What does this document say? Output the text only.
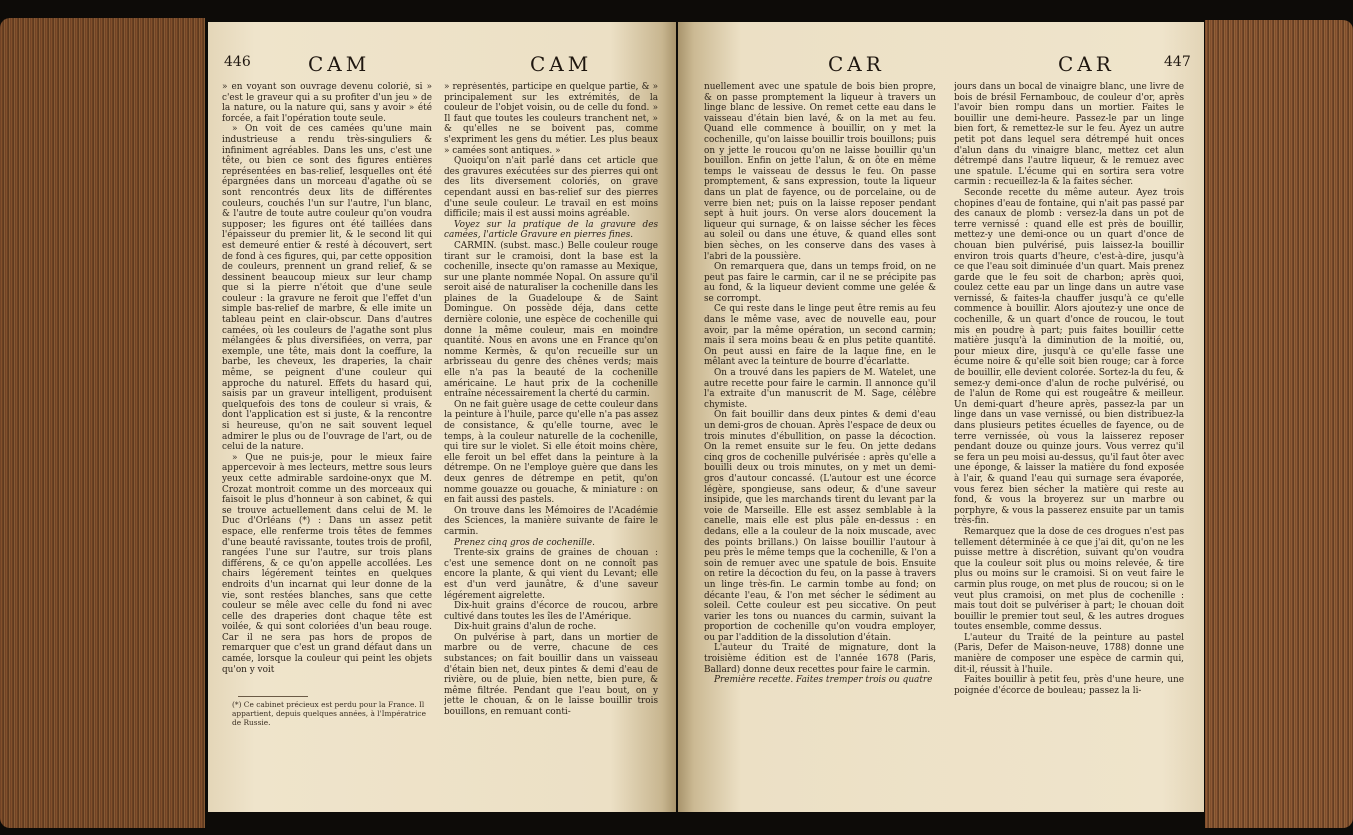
446	CAM	CAM

» en voyant son ouvrage devenu colorié, si » c'est le graveur qui a su profiter d'un jeu » de la nature, ou la nature qui, sans y avoir » été forcée, a fait l'opération toute seule.

» On voit de ces camées qu'une main industrieuse a rendu très-singuliers & infiniment agréables. Dans les uns, c'est une tête, ou bien ce sont des figures entières représentées en bas-relief, lesquelles ont été épargnées dans un morceau d'agathe où se sont rencontrés deux lits de différentes couleurs, couchés l'un sur l'autre, l'un blanc, & l'autre de toute autre couleur qu'on voudra supposer; les figures ont été taillées dans l'épaisseur du premier lit, & le second lit qui est demeuré entier & resté à découvert, sert de fond à ces figures, qui, par cette opposition de couleurs, prennent un grand relief, & se dessinent beaucoup mieux sur leur champ que si la pierre n'étoit que d'une seule couleur : la gravure ne feroit que l'effet d'un simple bas-relief de marbre, & elle imite un tableau peint en clair-obscur. Dans d'autres camées, où les couleurs de l'agathe sont plus mélangées & plus diversifiées, on verra, par exemple, une tête, mais dont la coeffure, la barbe, les cheveux, les draperies, la chair même, se peignent d'une couleur qui approche du naturel. Effets du hasard qui, saisis par un graveur intelligent, produisent quelquefois des tons de couleur si vrais, & dont l'application est si juste, & la rencontre si heureuse, qu'on ne sait souvent lequel admirer le plus ou de l'ouvrage de l'art, ou de celui de la nature.

» Que ne puis-je, pour le mieux faire appercevoir à mes lecteurs, mettre sous leurs yeux cette admirable sardoine-onyx que M. Crozat montroit comme un des morceaux qui faisoit le plus d'honneur à son cabinet, & qui se trouve actuellement dans celui de M. le Duc d'Orléans (*) : Dans un assez petit espace, elle renferme trois têtes de femmes d'une beauté ravissante, toutes trois de profil, rangées l'une sur l'autre, sur trois plans différens, & ce qu'on appelle accollées. Les chairs légérement teintes en quelques endroits d'un incarnat qui leur donne de la vie, sont restées blanches, sans que cette couleur se mêle avec celle du fond ni avec celle des draperies dont chaque tête est voilée, & qui sont coloriées d'un beau rouge. Car il ne sera pas hors de propos de remarquer que c'est un grand défaut dans un camée, lorsque la couleur qui peint les objets qu'on y voit

(*) Ce cabinet précieux est perdu pour la France. Il appartient, depuis quelques années, à l'Impératrice de Russie.

» représentés, participe en quelque partie, & » principalement sur les extrémités, de la couleur de l'objet voisin, ou de celle du fond. » Il faut que toutes les couleurs tranchent net, » & qu'elles ne se boivent pas, comme s'expriment les gens du métier. Les plus beaux » camées sont antiques. »

Quoiqu'on n'ait parlé dans cet article que des gravures exécutées sur des pierres qui ont des lits diversement coloriés, on grave cependant aussi en bas-relief sur des pierres d'une seule couleur. Le travail en est moins difficile; mais il est aussi moins agréable.

Voyez sur la pratique de la gravure des camées, l'article Gravure en pierres fines.

CARMIN. (subst. masc.) Belle couleur rouge tirant sur le cramoisi, dont la base est la cochenille, insecte qu'on ramasse au Mexique, sur une plante nommée Nopal. On assure qu'il seroit aisé de naturaliser la cochenille dans les plaines de la Guadeloupe & de Saint Domingue. On possède déja, dans cette dernière colonie, une espèce de cochenille qui donne la même couleur, mais en moindre quantité. Nous en avons une en France qu'on nomme Kermès, & qu'on recueille sur un arbrisseau du genre des chênes verds; mais elle n'a pas la beauté de la cochenille américaine. Le haut prix de la cochenille entraîne nécessairement la cherté du carmin.

On ne fait guère usage de cette couleur dans la peinture à l'huile, parce qu'elle n'a pas assez de consistance, & qu'elle tourne, avec le temps, à la couleur naturelle de la cochenille, qui tire sur le violet. Si elle étoit moins chère, elle feroit un bel effet dans la peinture à la détrempe. On ne l'employe guère que dans les deux genres de détrempe en petit, qu'on nomme gouazze ou gouache, & miniature : on en fait aussi des pastels.

On trouve dans les Mémoires de l'Académie des Sciences, la manière suivante de faire le carmin.

Prenez cinq gros de cochenille.

Trente-six grains de graines de chouan : c'est une semence dont on ne connoît pas encore la plante, & qui vient du Levant; elle est d'un verd jaunâtre, & d'une saveur légérement aigrelette.

Dix-huit grains d'écorce de roucou, arbre cultivé dans toutes les îles de l'Amérique.

Dix-huit grains d'alun de roche.

On pulvérise à part, dans un mortier de marbre ou de verre, chacune de ces substances; on fait bouillir dans un vaisseau d'étain bien net, deux pintes & demi d'eau de rivière, ou de pluie, bien nette, bien pure, & même filtrée. Pendant que l'eau bout, on y jette le chouan, & on le laisse bouillir trois bouillons, en remuant conti-

CAR	CAR	447

nuellement avec une spatule de bois bien propre, & on passe promptement la liqueur à travers un linge blanc de lessive. On remet cette eau dans le vaisseau d'étain bien lavé, & on la met au feu. Quand elle commence à bouillir, on y met la cochenille, qu'on laisse bouillir trois bouillons; puis on y jette le roucou qu'on ne laisse bouillir qu'un bouillon. Enfin on jette l'alun, & on ôte en même temps le vaisseau de dessus le feu. On passe promptement, & sans expression, toute la liqueur dans un plat de fayence, ou de porcelaine, ou de verre bien net; puis on la laisse reposer pendant sept à huit jours. On verse alors doucement la liqueur qui surnage, & on laisse sécher les fèces au soleil ou dans une étuve, & quand elles sont bien sèches, on les conserve dans des vases à l'abri de la poussière.

On remarquera que, dans un temps froid, on ne peut pas faire le carmin, car il ne se précipite pas au fond, & la liqueur devient comme une gelée & se corrompt.

Ce qui reste dans le linge peut être remis au feu dans le même vase, avec de nouvelle eau, pour avoir, par la même opération, un second carmin; mais il sera moins beau & en plus petite quantité. On peut aussi en faire de la laque fine, en le mêlant avec la teinture de bourre d'écarlatte.

On a trouvé dans les papiers de M. Watelet, une autre recette pour faire le carmin. Il annonce qu'il l'a extraite d'un manuscrit de M. Sage, célèbre chymiste.

On fait bouillir dans deux pintes & demi d'eau un demi-gros de chouan. Après l'espace de deux ou trois minutes d'ébullition, on passe la décoction. On la remet ensuite sur le feu. On jette dedans cinq gros de cochenille pulvérisée : après qu'elle a bouilli deux ou trois minutes, on y met un demi-gros d'autour concassé. (L'autour est une écorce légère, spongieuse, sans odeur, & d'une saveur insipide, que les marchands tirent du levant par la voie de Marseille. Elle est assez semblable à la canelle, mais elle est plus pâle en-dessus : en dedans, elle a la couleur de la noix muscade, avec des points brillans.) On laisse bouillir l'autour à peu près le même temps que la cochenille, & l'on a soin de remuer avec une spatule de bois. Ensuite on retire la décoction du feu, on la passe à travers un linge très-fin. Le carmin tombe au fond; on décante l'eau, & l'on met sécher le sédiment au soleil. Cette couleur est peu siccative. On peut varier les tons ou nuances du carmin, suivant la proportion de cochenille qu'on voudra employer, ou par l'addition de la dissolution d'étain.

L'auteur du Traité de mignature, dont la troisième édition est de l'année 1678 (Paris, Ballard) donne deux recettes pour faire le carmin.

Première recette. Faites tremper trois ou quatre

jours dans un bocal de vinaigre blanc, une livre de bois de brésil Fernambouc, de couleur d'or, après l'avoir bien rompu dans un mortier. Faites le bouillir une demi-heure. Passez-le par un linge bien fort, & remettez-le sur le feu. Ayez un autre petit pot dans lequel sera détrempé huit onces d'alun dans du vinaigre blanc, mettez cet alun détrempé dans l'autre liqueur, & le remuez avec une spatule. L'écume qui en sortira sera votre carmin : recueillez-la & la faites sécher.

Seconde recette du même auteur. Ayez trois chopines d'eau de fontaine, qui n'ait pas passé par des canaux de plomb : versez-la dans un pot de terre vernissé : quand elle est près de bouillir, mettez-y une demi-once ou un quart d'once de chouan bien pulvérisé, puis laissez-la bouillir environ trois quarts d'heure, c'est-à-dire, jusqu'à ce que l'eau soit diminuée d'un quart. Mais prenez garde que le feu soit de charbon; après quoi, coulez cette eau par un linge dans un autre vase vernissé, & faites-la chauffer jusqu'à ce qu'elle commence à bouillir. Alors ajoutez-y une once de cochenille, & un quart d'once de roucou, le tout mis en poudre à part; puis faites bouillir cette matière jusqu'à la diminution de la moitié, ou, pour mieux dire, jusqu'à ce qu'elle fasse une écume noire & qu'elle soit bien rouge; car à force de bouillir, elle devient colorée. Sortez-la du feu, & semez-y demi-once d'alun de roche pulvérisé, ou de l'alun de Rome qui est rougeâtre & meilleur. Un demi-quart d'heure après, passez-la par un linge dans un vase vernissé, ou bien distribuez-la dans plusieurs petites écuelles de fayence, ou de terre vernissée, où vous la laisserez reposer pendant douze ou quinze jours. Vous verrez qu'il se fera un peu moisi au-dessus, qu'il faut ôter avec une éponge, & laisser la matière du fond exposée à l'air, & quand l'eau qui surnage sera évaporée, vous ferez bien sécher la matière qui reste au fond, & vous la broyerez sur un marbre ou porphyre, & vous la passerez ensuite par un tamis très-fin.

Remarquez que la dose de ces drogues n'est pas tellement déterminée à ce que j'ai dit, qu'on ne les puisse mettre à discrétion, suivant qu'on voudra que la couleur soit plus ou moins relevée, & tire plus ou moins sur le cramoisi. Si on veut faire le carmin plus rouge, on met plus de roucou; si on le veut plus cramoisi, on met plus de cochenille : mais tout doit se pulvériser à part; le chouan doit bouillir le premier tout seul, & les autres drogues toutes ensemble, comme dessus.

L'auteur du Traité de la peinture au pastel (Paris, Defer de Maison-neuve, 1788) donne une manière de composer une espèce de carmin qui, dit-il, réussit à l'huile.

Faites bouillir à petit feu, près d'une heure, une poignée d'écorce de bouleau; passez la li-
